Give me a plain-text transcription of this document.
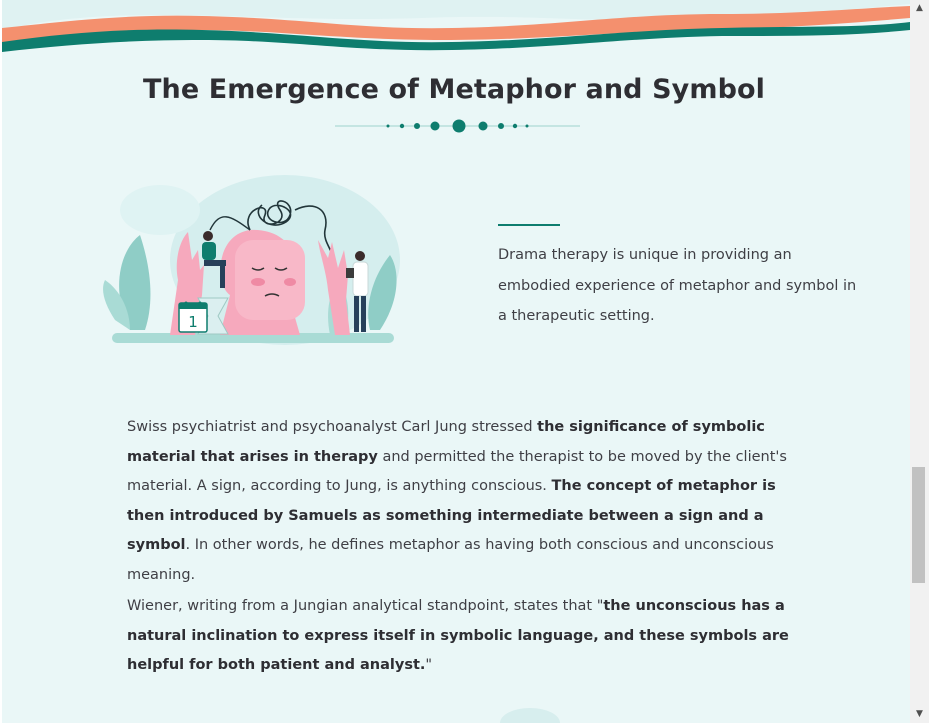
The Emergence of Metaphor and Symbol
1

Drama therapy is unique in providing an embodied experience of metaphor and symbol in a therapeutic setting.

Swiss psychiatrist and psychoanalyst Carl Jung stressed the significance of symbolic material that arises in therapy and permitted the therapist to be moved by the client's material. A sign, according to Jung, is anything conscious. The concept of metaphor is then introduced by Samuels as something intermediate between a sign and a symbol. In other words, he defines metaphor as having both conscious and unconscious meaning.

Wiener, writing from a Jungian analytical standpoint, states that "the unconscious has a natural inclination to express itself in symbolic language, and these symbols are helpful for both patient and analyst."

▲
▼
